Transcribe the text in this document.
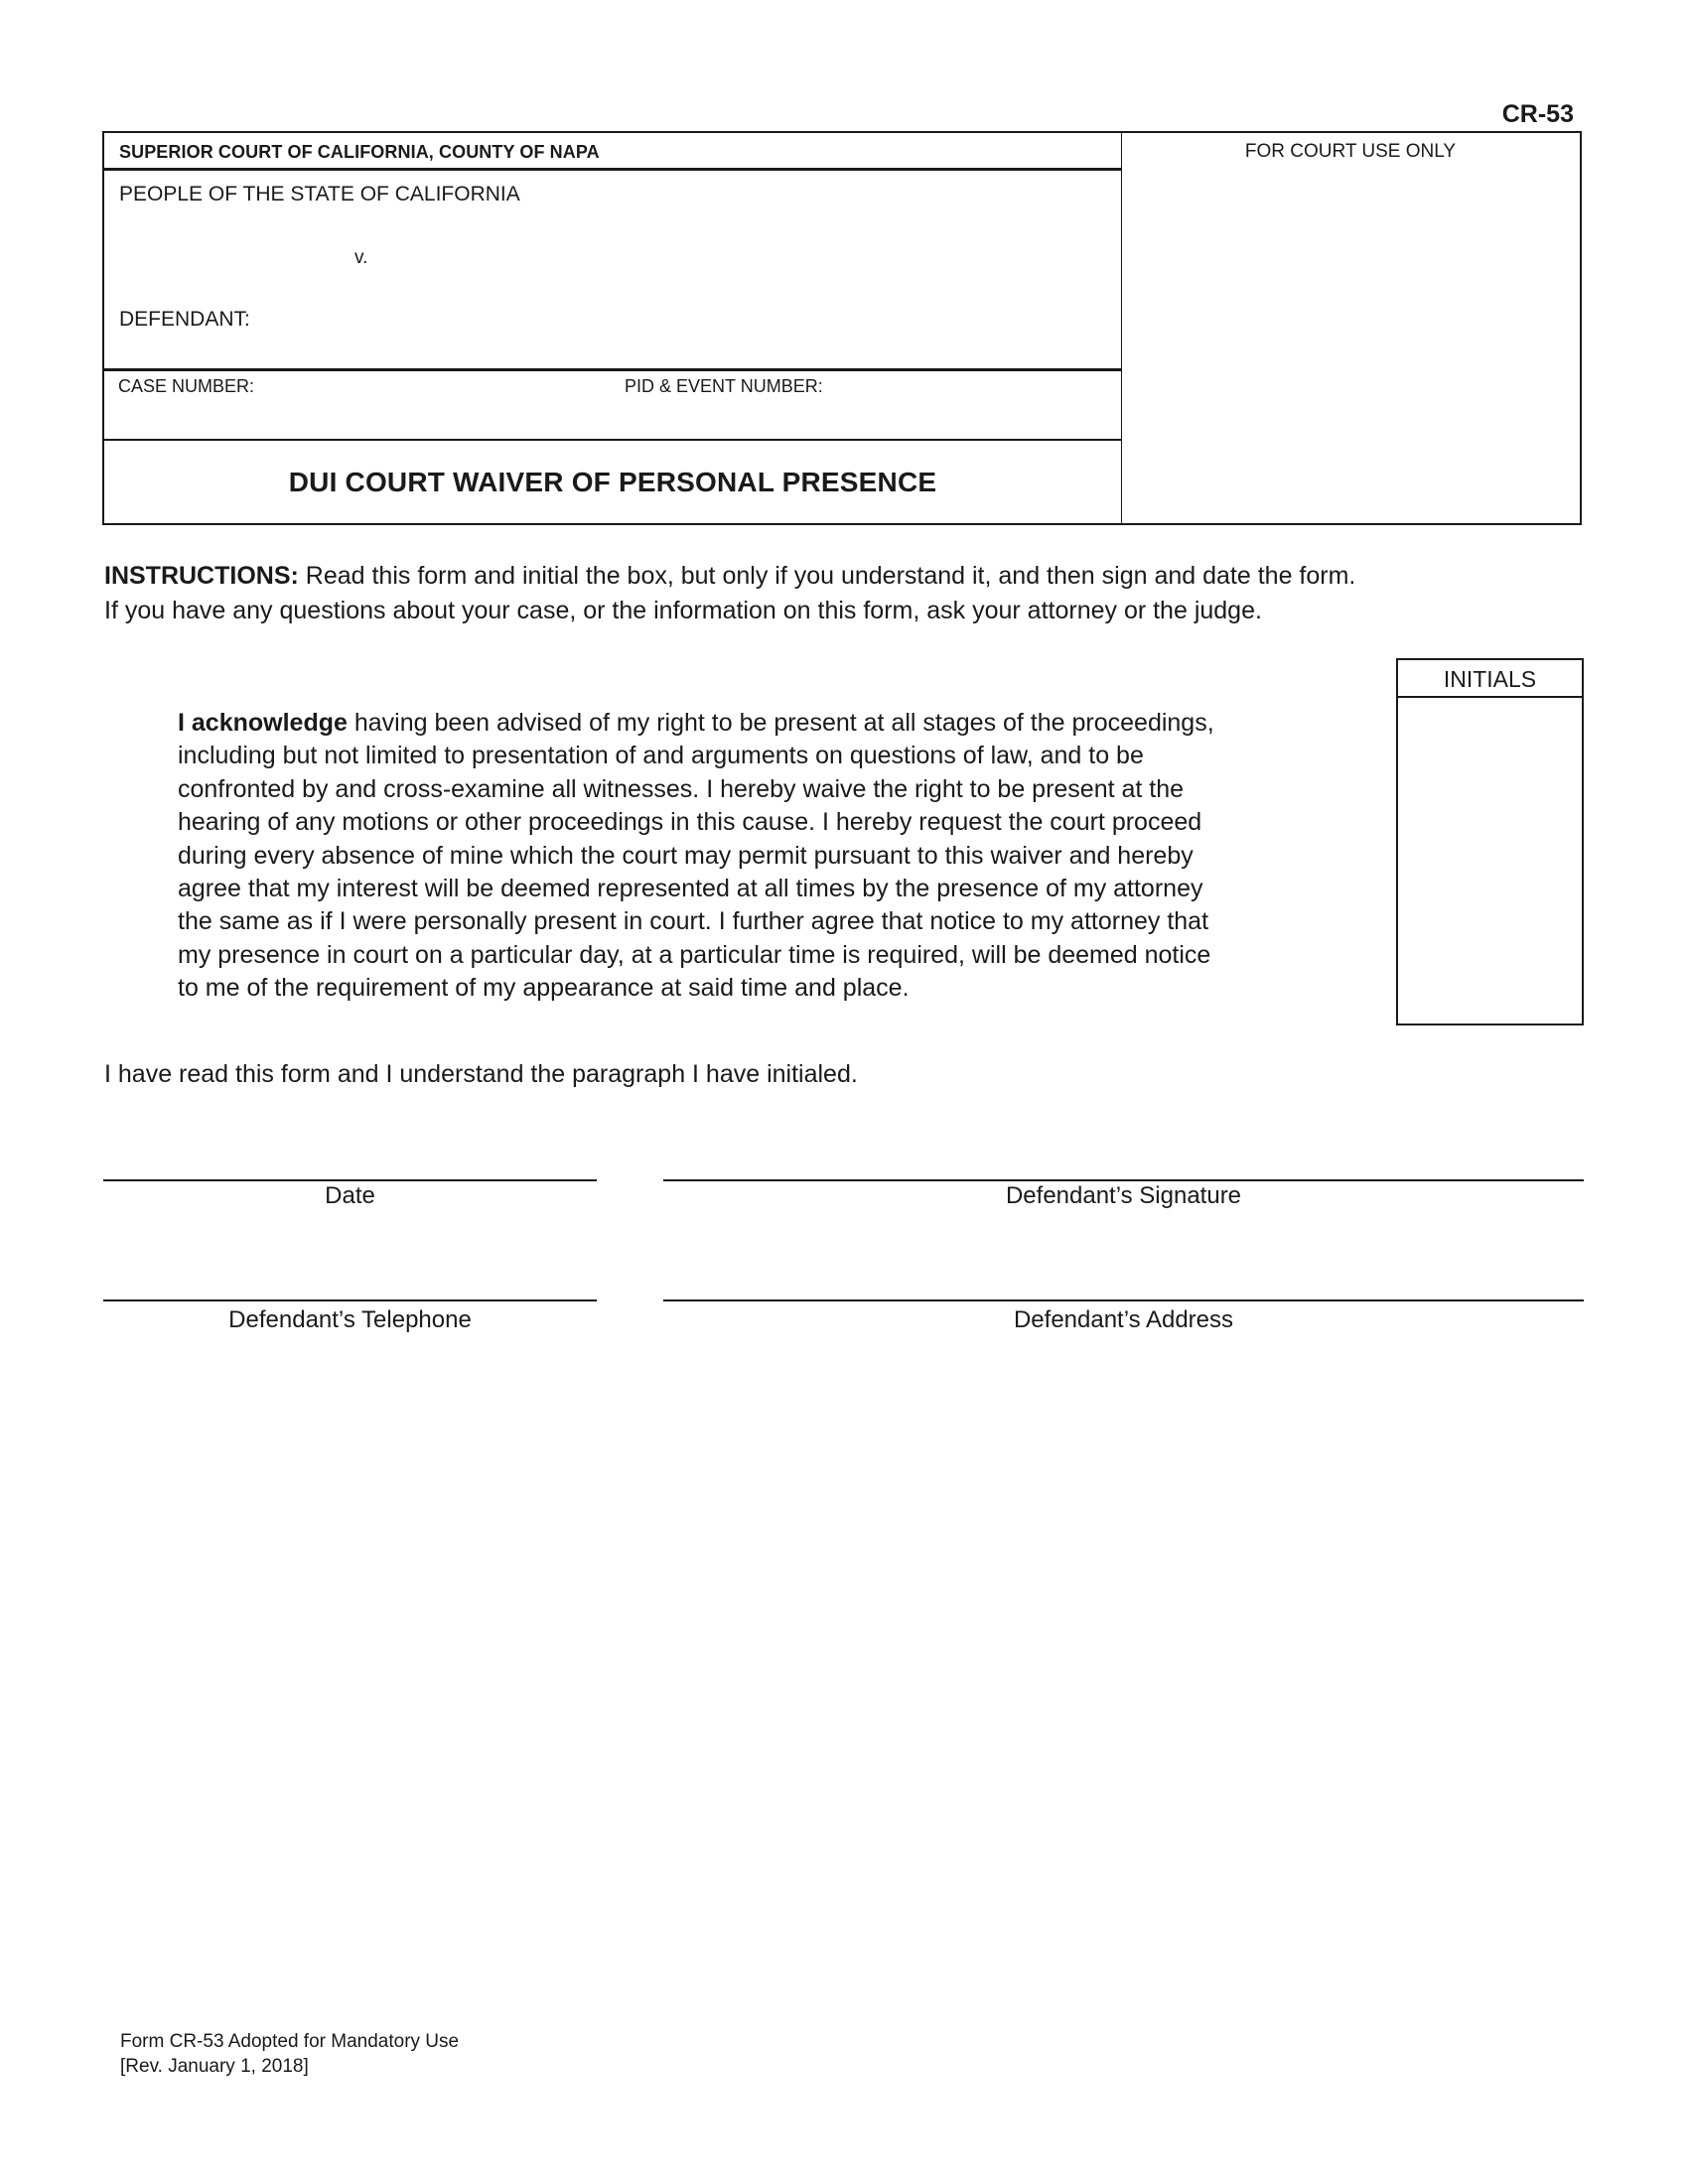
CR-53
SUPERIOR COURT OF CALIFORNIA, COUNTY OF NAPA
PEOPLE OF THE STATE OF CALIFORNIA
v.
DEFENDANT:
CASE NUMBER:	PID & EVENT NUMBER:
DUI COURT WAIVER OF PERSONAL PRESENCE
FOR COURT USE ONLY
INSTRUCTIONS: Read this form and initial the box, but only if you understand it, and then sign and date the form.
If you have any questions about your case, or the information on this form, ask your attorney or the judge.
INITIALS
I acknowledge having been advised of my right to be present at all stages of the proceedings,
including but not limited to presentation of and arguments on questions of law, and to be
confronted by and cross-examine all witnesses. I hereby waive the right to be present at the
hearing of any motions or other proceedings in this cause. I hereby request the court proceed
during every absence of mine which the court may permit pursuant to this waiver and hereby
agree that my interest will be deemed represented at all times by the presence of my attorney
the same as if I were personally present in court. I further agree that notice to my attorney that
my presence in court on a particular day, at a particular time is required, will be deemed notice
to me of the requirement of my appearance at said time and place.
I have read this form and I understand the paragraph I have initialed.
Date	Defendant’s Signature
Defendant’s Telephone	Defendant’s Address
Form CR-53 Adopted for Mandatory Use
[Rev. January 1, 2018]
